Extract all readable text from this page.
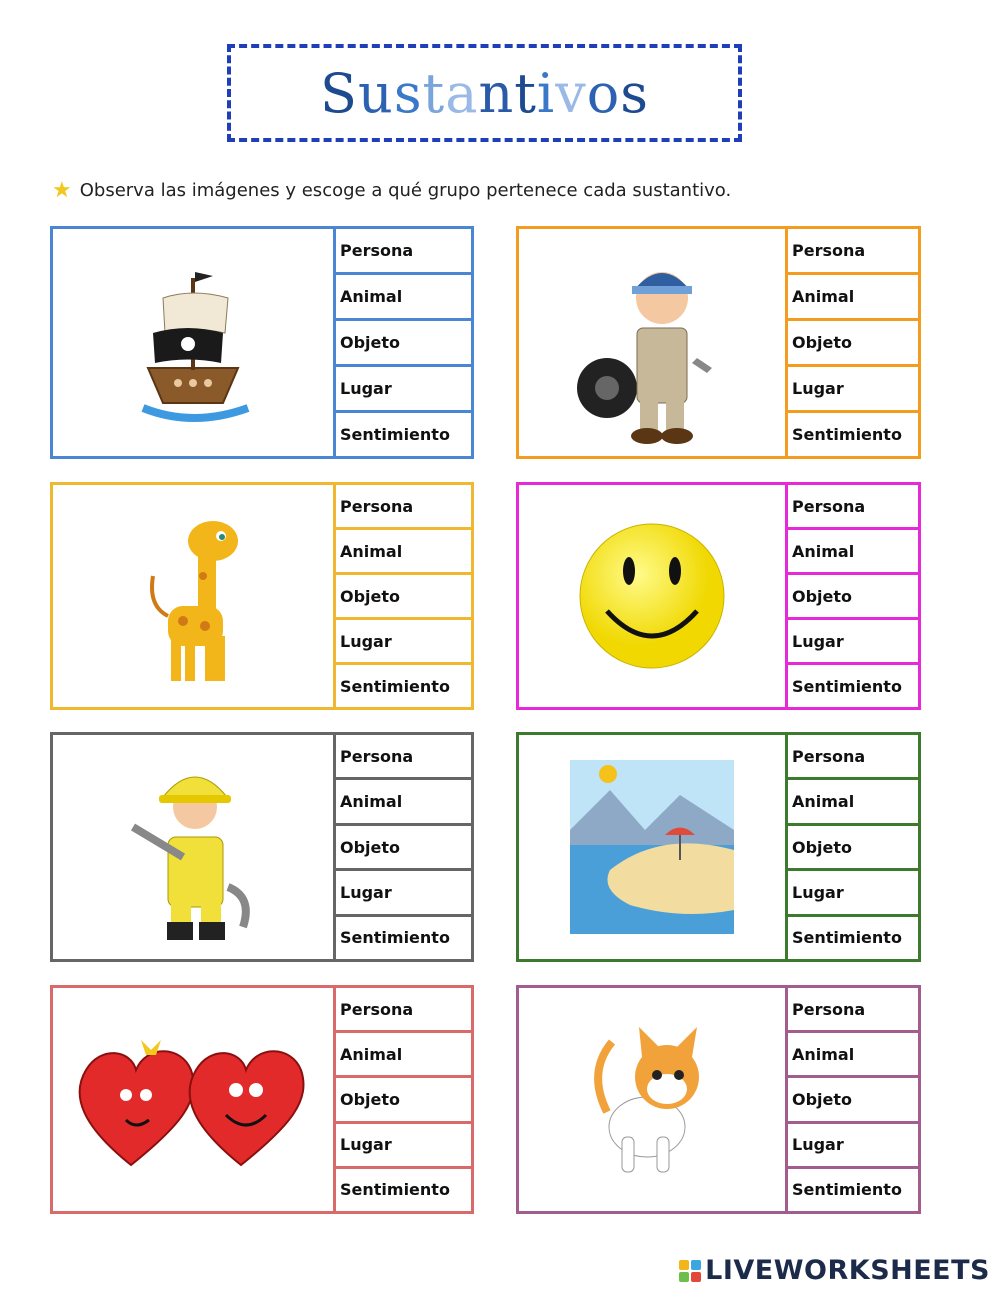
Sustantivos
★ Observa las imágenes y escoge a qué grupo pertenece cada sustantivo.
Persona
Animal
Objeto
Lugar
Sentimiento
Persona
Animal
Objeto
Lugar
Sentimiento
Persona
Animal
Objeto
Lugar
Sentimiento
Persona
Animal
Objeto
Lugar
Sentimiento
Persona
Animal
Objeto
Lugar
Sentimiento
Persona
Animal
Objeto
Lugar
Sentimiento
Persona
Animal
Objeto
Lugar
Sentimiento
Persona
Animal
Objeto
Lugar
Sentimiento
LIVEWORKSHEETS
